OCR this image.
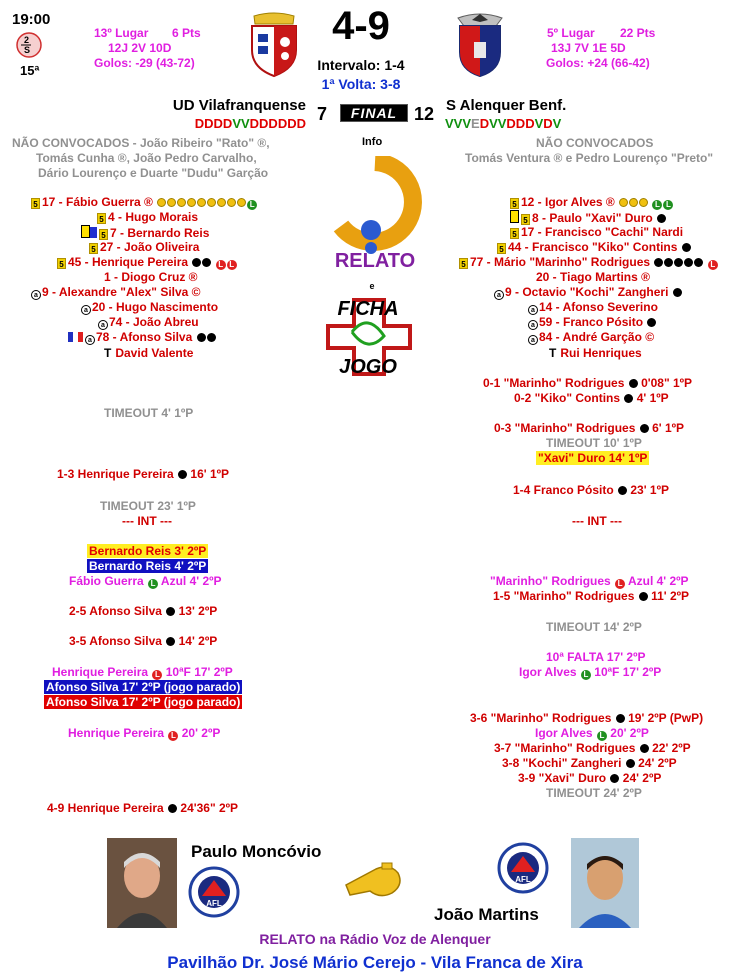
19:00
2
S
15ª
13º Lugar 6 Pts
12J 2V 10D
Golos: -29 (43-72)
4-9
Intervalo: 1-4
1ª Volta: 3-8
5º Lugar 22 Pts
13J 7V 1E 5D
Golos: +24 (66-42)
UD Vilafranquense
DDDDVVDDDDDD 7	FINAL 12 S Alenquer Benf.
VVVEDVVDDDVDV
NÃO CONVOCADOS - João Ribeiro "Rato" ®,
Tomás Cunha ®, João Pedro Carvalho,
Dário Lourenço e Duarte "Dudu" Garção
Info	NÃO CONVOCADOS
Tomás Ventura ® e Pedro Lourenço "Preto"
RELATO
e
FICHA
JOGO
5 17 - Fábio Guerra ®	L
5 4 - Hugo Morais
5 7 - Bernardo Reis
5 27 - João Oliveira
5 45 - Henrique Pereira	L L
1 - Diogo Cruz ®
a 9 - Alexandre "Alex" Silva ©
a 20 - Hugo Nascimento
a 74 - João Abreu
a 78 - Afonso Silva
T David Valente
5 12 - Igor Alves ®	L L
5 8 - Paulo "Xavi" Duro
5 17 - Francisco "Cachi" Nardi
5 44 - Francisco "Kiko" Contins
5 77 - Mário "Marinho" Rodrigues	L
20 - Tiago Martins ®
a 9 - Octavio "Kochi" Zangheri
a 14 - Afonso Severino
a 59 - Franco Pósito
a 84 - André Garção ©
T Rui Henriques
0-1 "Marinho" Rodrigues 0'08" 1ºP
0-2 "Kiko" Contins 4' 1ºP
TIMEOUT 4' 1ºP
0-3 "Marinho" Rodrigues 6' 1ºP
TIMEOUT 10' 1ºP
"Xavi" Duro 14' 1ºP
1-3 Henrique Pereira 16' 1ºP
TIMEOUT 23' 1ºP
1-4 Franco Pósito 23' 1ºP
--- INT ---	--- INT ---
Bernardo Reis 3' 2ºP
Bernardo Reis 4' 2ºP
Fábio Guerra L Azul 4' 2ºP	"Marinho" Rodrigues L Azul 4' 2ºP
1-5 "Marinho" Rodrigues 11' 2ºP
2-5 Afonso Silva 13' 2ºP
TIMEOUT 14' 2ºP
3-5 Afonso Silva 14' 2ºP
10ª FALTA 17' 2ºP
Henrique Pereira L 10ªF 17' 2ºP	Igor Alves L 10ªF 17' 2ºP
Afonso Silva 17' 2ºP (jogo parado)
Afonso Silva 17' 2ºP (jogo parado)
3-6 "Marinho" Rodrigues 19' 2ºP (PwP)
Henrique Pereira L 20' 2ºP	Igor Alves L 20' 2ºP
3-7 "Marinho" Rodrigues 22' 2ºP
3-8 "Kochi" Zangheri 24' 2ºP
3-9 "Xavi" Duro 24' 2ºP
TIMEOUT 24' 2ºP
4-9 Henrique Pereira 24'36" 2ºP
Paulo Moncóvio
AFL
AFL
João Martins
RELATO na Rádio Voz de Alenquer
Pavilhão Dr. José Mário Cerejo - Vila Franca de Xira
